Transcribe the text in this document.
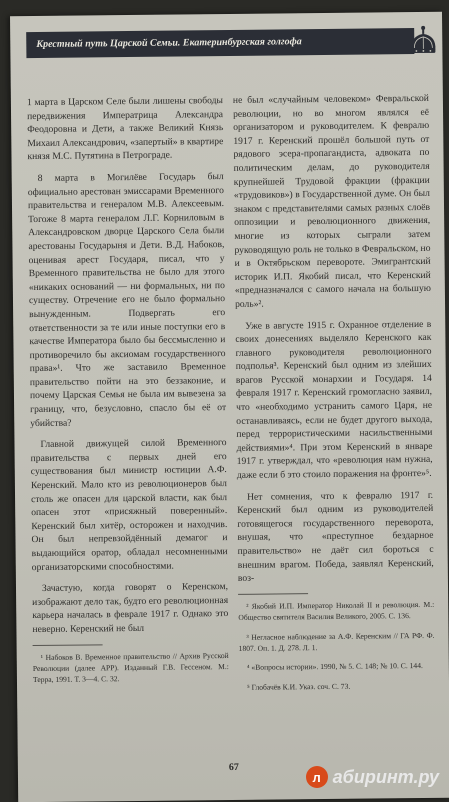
Крестный путь Царской Семьи. Екатеринбургская голгофа

1 марта в Царском Селе были лишены свободы передвижения Императрица Александра Феодоровна и Дети, а также Великий Князь Михаил Александрович, «запертый» в квартире князя М.С. Путятина в Петрограде.

8 марта в Могилёве Государь был официально арестован эмиссарами Временного правительства и генералом М.В. Алексеевым. Тогоже 8 марта генералом Л.Г. Корниловым в Александровском дворце Царского Села были арестованы Государыня и Дети. В.Д. Набоков, оценивая арест Государя, писал, что у Временного правительства не было для этого «никаких оснований — ни формальных, ни по существу. Отречение его не было формально вынужденным. Подвергать его ответственности за те или иные поступки его в качестве Императора было бы бессмысленно и противоречило бы аксиомам государственного права»¹. Что же заставило Временное правительство пойти на это беззаконие, и почему Царская Семья не была им вывезена за границу, что, безусловно, спасло бы её от убийства?

Главной движущей силой Временного правительства с первых дней его существования был министр юстиции А.Ф. Керенский. Мало кто из революционеров был столь же опасен для царской власти, как был опасен этот «присяжный поверенный». Керенский был хитёр, осторожен и находчив. Он был непревзойдённый демагог и выдающийся оратор, обладал несомненными организаторскими способностями.

Зачастую, когда говорят о Керенском, изображают дело так, будто его революционная карьера началась в феврале 1917 г. Однако это неверно. Керенский не был

¹ Набоков В. Временное правительство // Архив Русской Революции (далее АРР). Изданный Г.В. Гессеном. М.: Терра, 1991. Т. 3—4. С. 32.

не был «случайным человеком» Февральской революции, но во многом являлся её организатором и руководителем. К февралю 1917 г. Керенский прошёл большой путь от рядового эсера-пропагандиста, адвоката по политическим делам, до руководителя крупнейшей Трудовой фракции (фракции «трудовиков») в Государственной думе. Он был знаком с представителями самых разных слоёв оппозиции и революционного движения, многие из которых сыграли затем руководящую роль не только в Февральском, но и в Октябрьском перевороте. Эмигрантский историк И.П. Якобий писал, что Керенский «предназначался с самого начала на большую роль»².

Уже в августе 1915 г. Охранное отделение в своих донесениях выделяло Керенского как главного руководителя революционного подполья³. Керенский был одним из злейших врагов Русской монархии и Государя. 14 февраля 1917 г. Керенский громогласно заявил, что «необходимо устранить самого Царя, не останавливаясь, если не будет другого выхода, перед террористическими насильственными действиями»⁴. При этом Керенский в январе 1917 г. утверждал, что «революция нам нужна, даже если б это стоило поражения на фронте»⁵.

Нет сомнения, что к февралю 1917 г. Керенский был одним из руководителей готовящегося государственного переворота, внушая, что «преступное бездарное правительство» не даёт сил бороться с внешним врагом. Победа, заявлял Керенский, воз-

² Якобий И.П. Император Николай II и революция. М.: Общество святителя Василия Великого, 2005. С. 136.

³ Негласное наблюдение за А.Ф. Керенским // ГА РФ. Ф. 1807. Оп. 1. Д. 278. Л. 1.

⁴ «Вопросы истории». 1990, № 5. С. 148; № 10. С. 144.

⁵ Глобачёв К.И. Указ. соч. С. 73.

67
л абиринт.ру
